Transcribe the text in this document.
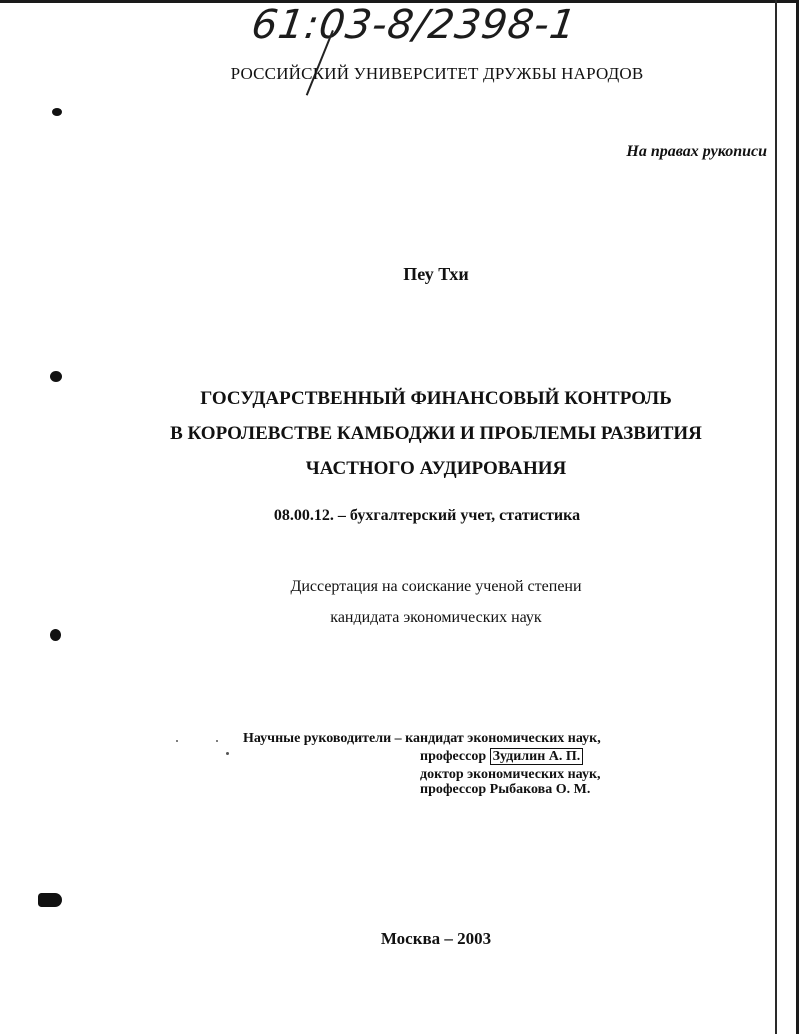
61:03-8/2398-1
РОССИЙСКИЙ УНИВЕРСИТЕТ ДРУЖБЫ НАРОДОВ
На правах рукописи
Пеу Тхи
ГОСУДАРСТВЕННЫЙ ФИНАНСОВЫЙ КОНТРОЛЬ
В КОРОЛЕВСТВЕ КАМБОДЖИ И ПРОБЛЕМЫ РАЗВИТИЯ
ЧАСТНОГО АУДИРОВАНИЯ
08.00.12. – бухгалтерский учет, статистика
Диссертация на соискание ученой степени
кандидата экономических наук
Научные руководители – кандидат экономических наук,
профессор Зудилин А. П.
доктор экономических наук,
профессор Рыбакова О. М.
Москва – 2003
